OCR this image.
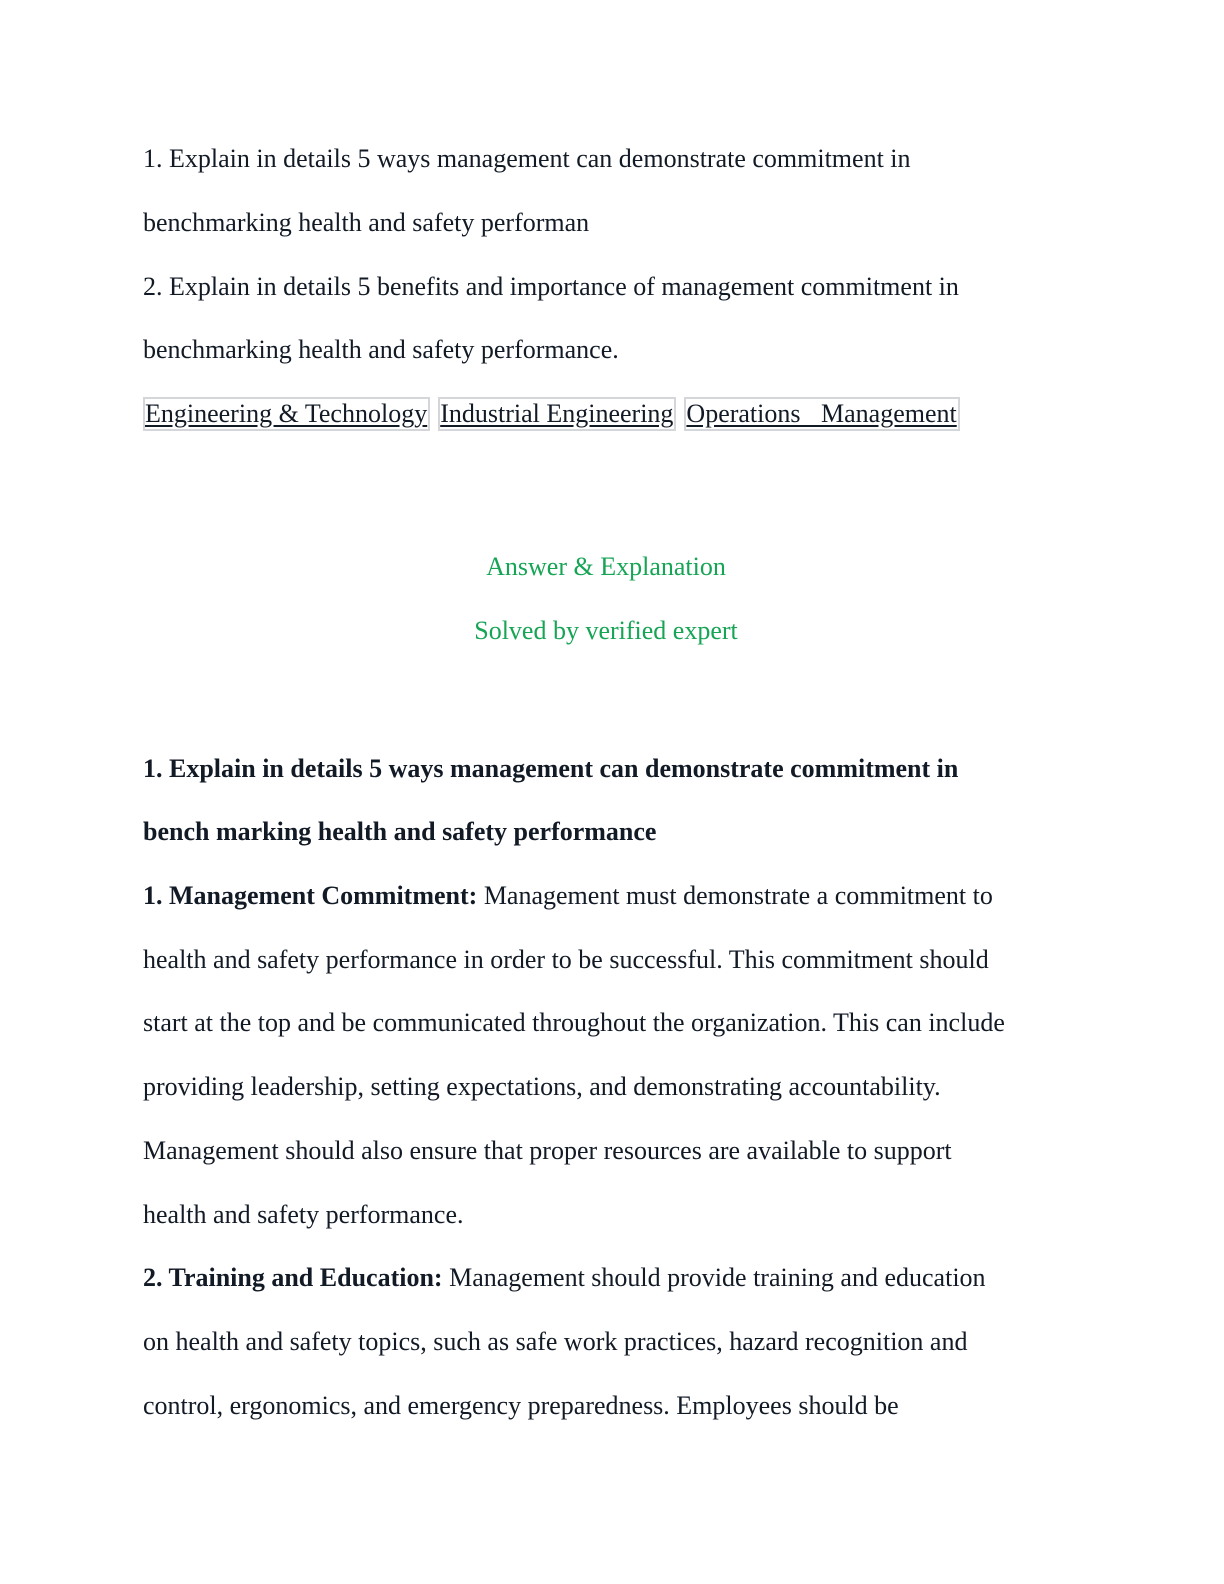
1. Explain in details 5 ways management can demonstrate commitment in
benchmarking health and safety performan
2. Explain in details 5 benefits and importance of management commitment in
benchmarking health and safety performance.
Engineering & Technology Industrial Engineering Operations Management
Answer & Explanation
Solved by verified expert
1. Explain in details 5 ways management can demonstrate commitment in
bench marking health and safety performance
1. Management Commitment: Management must demonstrate a commitment to
health and safety performance in order to be successful. This commitment should
start at the top and be communicated throughout the organization. This can include
providing leadership, setting expectations, and demonstrating accountability.
Management should also ensure that proper resources are available to support
health and safety performance.
2. Training and Education: Management should provide training and education
on health and safety topics, such as safe work practices, hazard recognition and
control, ergonomics, and emergency preparedness. Employees should be
